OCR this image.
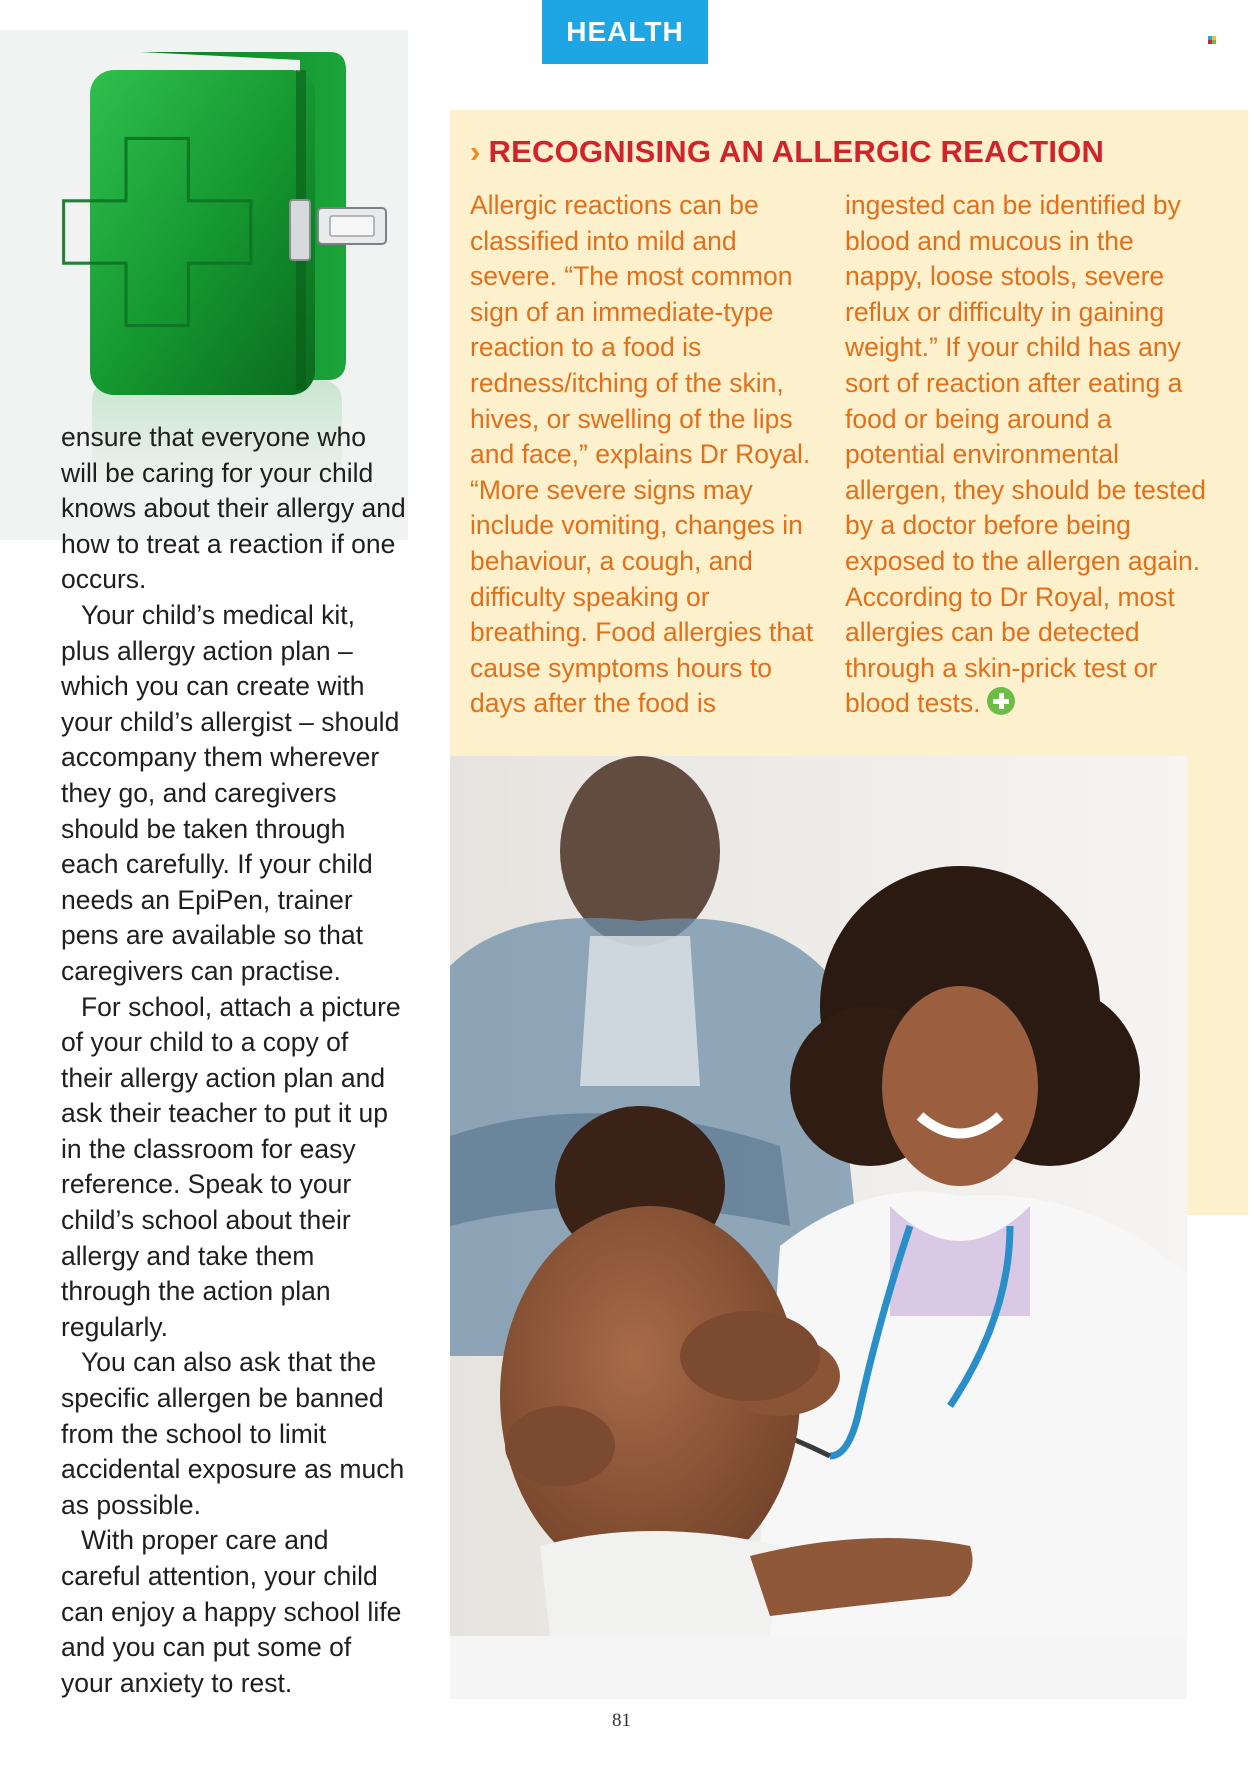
HEALTH

ensure that everyone who will be caring for your child knows about their allergy and how to treat a reaction if one occurs.

Your child’s medical kit, plus allergy action plan – which you can create with your child’s allergist – should accompany them wherever they go, and caregivers should be taken through each carefully. If your child needs an EpiPen, trainer pens are available so that caregivers can practise.

For school, attach a picture of your child to a copy of their allergy action plan and ask their teacher to put it up in the classroom for easy reference. Speak to your child’s school about their allergy and take them through the action plan regularly.

You can also ask that the specific allergen be banned from the school to limit accidental exposure as much as possible.

With proper care and careful attention, your child can enjoy a happy school life and you can put some of your anxiety to rest.

› RECOGNISING AN ALLERGIC REACTION

Allergic reactions can be classified into mild and severe. “The most common sign of an immediate-type reaction to a food is redness/itching of the skin, hives, or swelling of the lips and face,” explains Dr Royal. “More severe signs may include vomiting, changes in behaviour, a cough, and difficulty speaking or breathing. Food allergies that cause symptoms hours to days after the food is

ingested can be identified by blood and mucous in the nappy, loose stools, severe reflux or difficulty in gaining weight.” If your child has any sort of reaction after eating a food or being around a potential environmental allergen, they should be tested by a doctor before being exposed to the allergen again. According to Dr Royal, most allergies can be detected through a skin-prick test or blood tests.

81
